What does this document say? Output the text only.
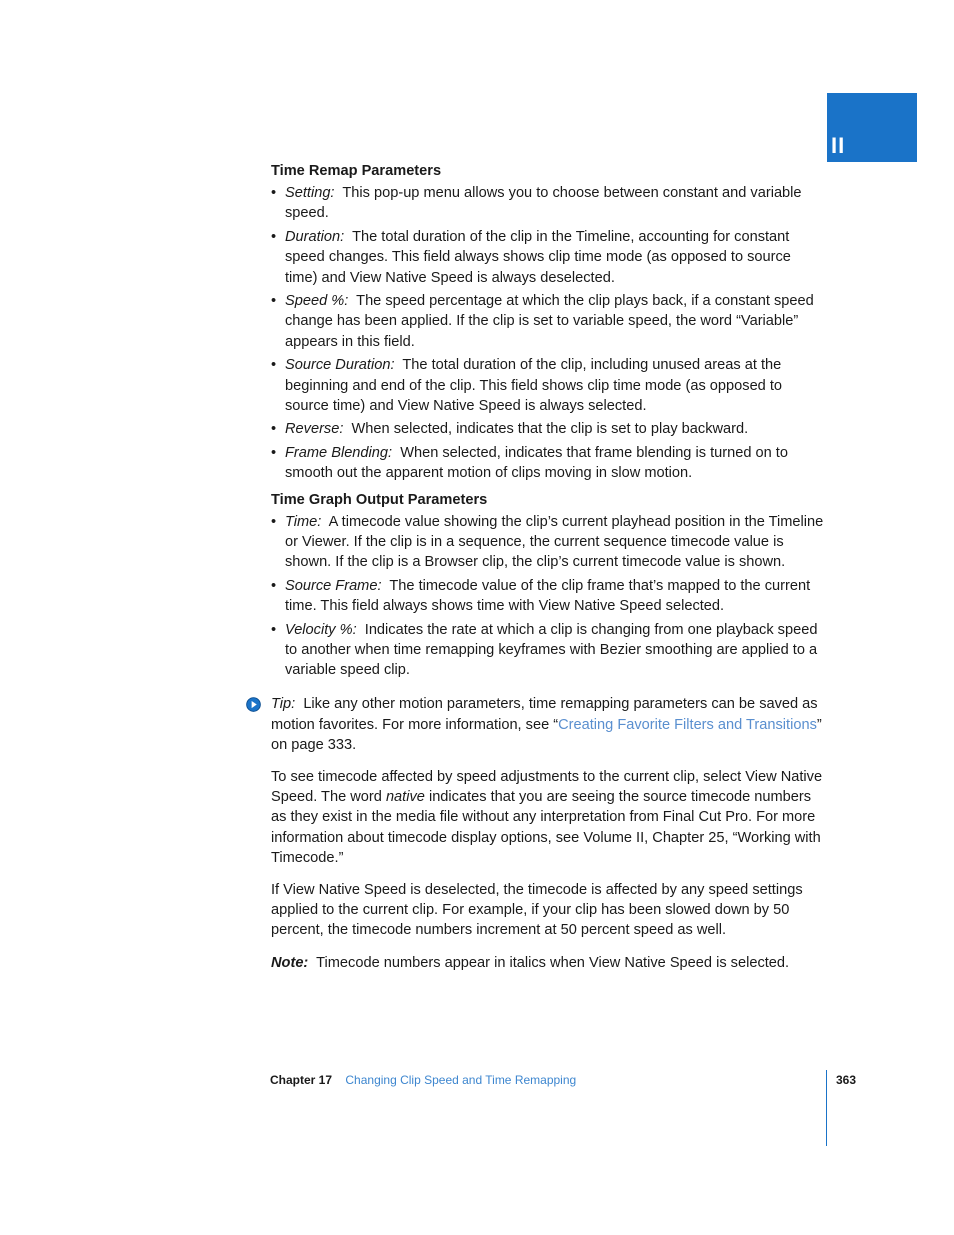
II
Time Remap Parameters
• Setting: This pop-up menu allows you to choose between constant and variable speed.
• Duration: The total duration of the clip in the Timeline, accounting for constant speed changes. This field always shows clip time mode (as opposed to source time) and View Native Speed is always deselected.
• Speed %: The speed percentage at which the clip plays back, if a constant speed change has been applied. If the clip is set to variable speed, the word “Variable” appears in this field.
• Source Duration: The total duration of the clip, including unused areas at the beginning and end of the clip. This field shows clip time mode (as opposed to source time) and View Native Speed is always selected.
• Reverse: When selected, indicates that the clip is set to play backward.
• Frame Blending: When selected, indicates that frame blending is turned on to smooth out the apparent motion of clips moving in slow motion.
Time Graph Output Parameters
• Time: A timecode value showing the clip’s current playhead position in the Timeline or Viewer. If the clip is in a sequence, the current sequence timecode value is shown. If the clip is a Browser clip, the clip’s current timecode value is shown.
• Source Frame: The timecode value of the clip frame that’s mapped to the current time. This field always shows time with View Native Speed selected.
• Velocity %: Indicates the rate at which a clip is changing from one playback speed to another when time remapping keyframes with Bezier smoothing are applied to a variable speed clip.

Tip: Like any other motion parameters, time remapping parameters can be saved as motion favorites. For more information, see “Creating Favorite Filters and Transitions” on page 333.

To see timecode affected by speed adjustments to the current clip, select View Native Speed. The word native indicates that you are seeing the source timecode numbers as they exist in the media file without any interpretation from Final Cut Pro. For more information about timecode display options, see Volume II, Chapter 25, “Working with Timecode.”

If View Native Speed is deselected, the timecode is affected by any speed settings applied to the current clip. For example, if your clip has been slowed down by 50 percent, the timecode numbers increment at 50 percent speed as well.

Note: Timecode numbers appear in italics when View Native Speed is selected.

Chapter 17 Changing Clip Speed and Time Remapping	363
